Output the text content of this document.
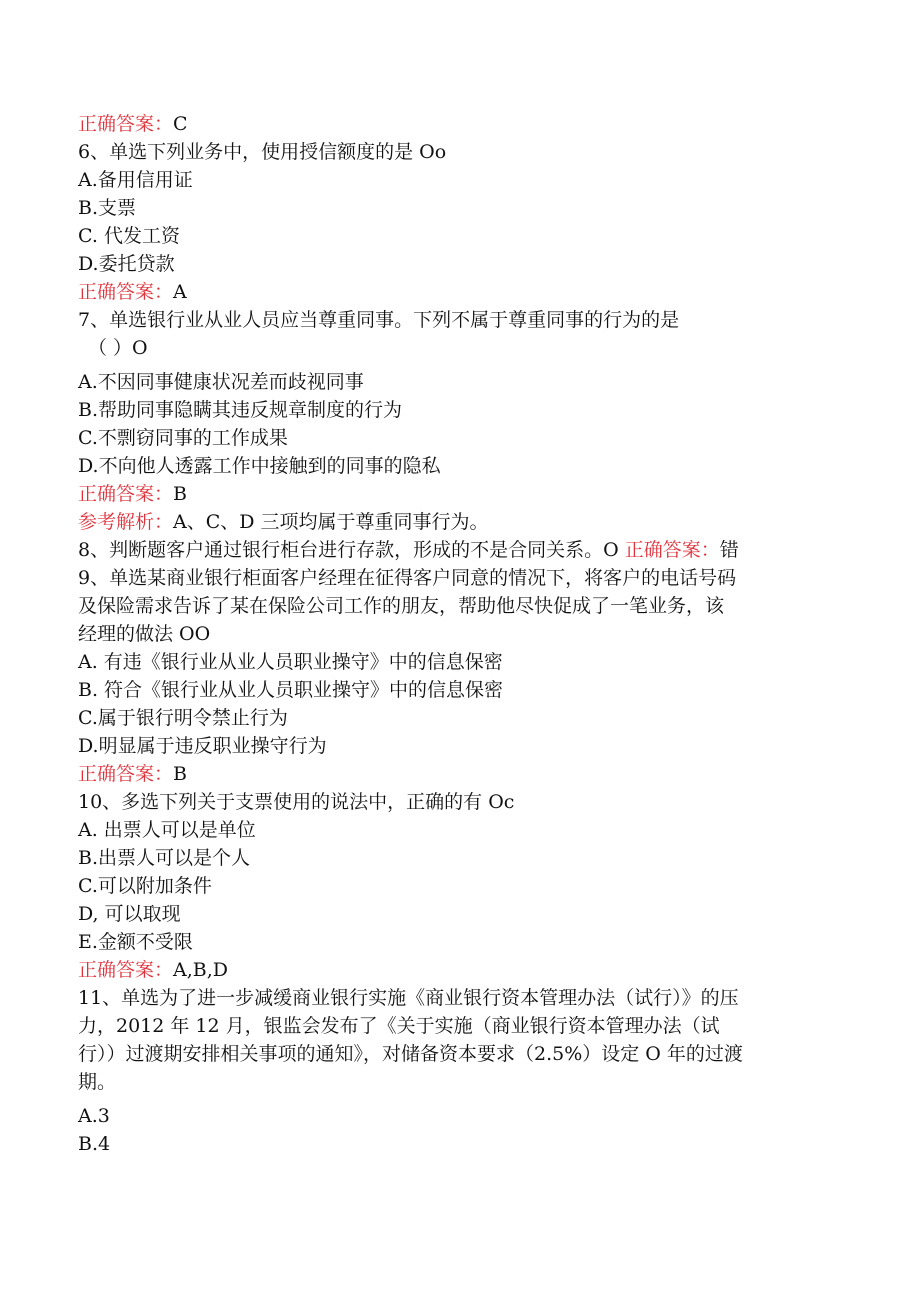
正确答案：C
6、单选下列业务中，使用授信额度的是 Oo
A.备用信用证
B.支票
C. 代发工资
D.委托贷款
正确答案：A
7、单选银行业从业人员应当尊重同事。下列不属于尊重同事的行为的是
（ ）O
A.不因同事健康状况差而歧视同事
B.帮助同事隐瞒其违反规章制度的行为
C.不剽窃同事的工作成果
D.不向他人透露工作中接触到的同事的隐私
正确答案：B
参考解析：A、C、D 三项均属于尊重同事行为。
8、判断题客户通过银行柜台进行存款，形成的不是合同关系。O 正确答案：错
9、单选某商业银行柜面客户经理在征得客户同意的情况下，将客户的电话号码
及保险需求告诉了某在保险公司工作的朋友，帮助他尽快促成了一笔业务，该
经理的做法 OO
A. 有违《银行业从业人员职业操守》中的信息保密
B. 符合《银行业从业人员职业操守》中的信息保密
C.属于银行明令禁止行为
D.明显属于违反职业操守行为
正确答案：B
10、多选下列关于支票使用的说法中，正确的有 Oc
A. 出票人可以是单位
B.出票人可以是个人
C.可以附加条件
D, 可以取现
E.金额不受限
正确答案：A,B,D
11、单选为了进一步减缓商业银行实施《商业银行资本管理办法（试行）》的压
力，2012 年 12 月，银监会发布了《关于实施（商业银行资本管理办法（试
行））过渡期安排相关事项的通知》，对储备资本要求（2.5%）设定 O 年的过渡
期。
A.3
B.4
